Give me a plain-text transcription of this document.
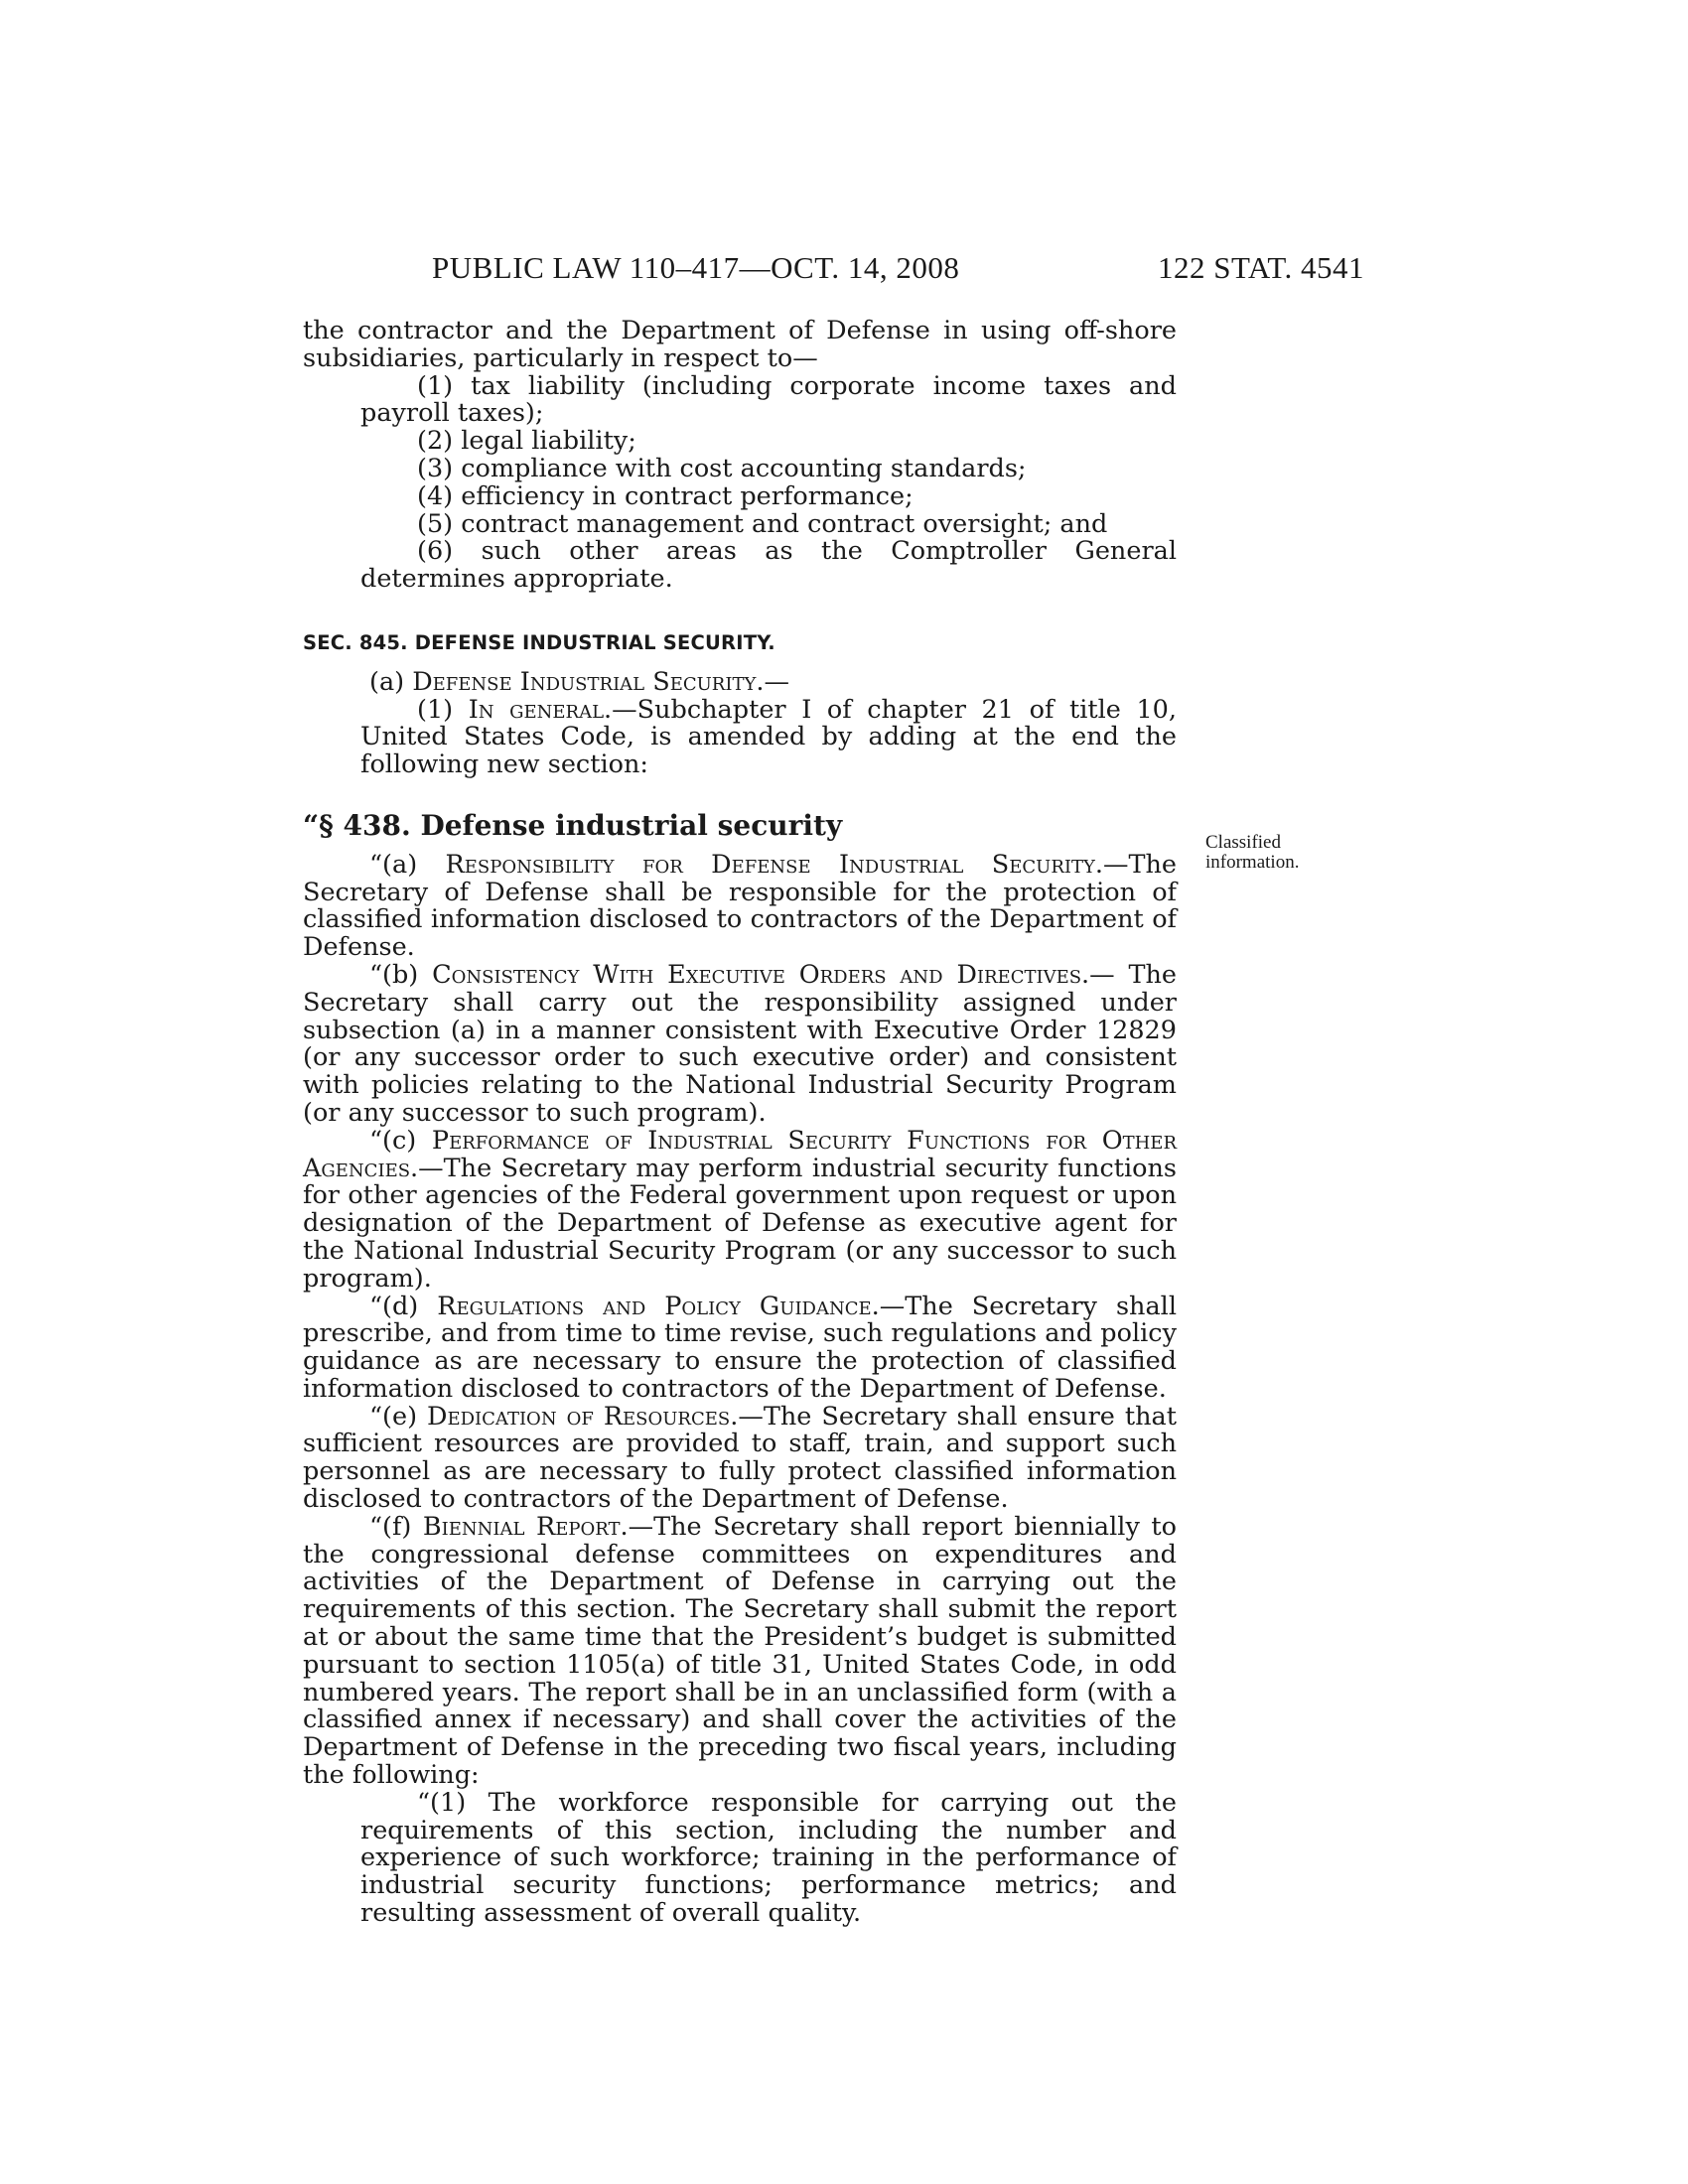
PUBLIC LAW 110–417—OCT. 14, 2008	122 STAT. 4541
Classified
information.

the contractor and the Department of Defense in using off-shore subsidiaries, particularly in respect to—

(1) tax liability (including corporate income taxes and payroll taxes);

(2) legal liability;

(3) compliance with cost accounting standards;

(4) efficiency in contract performance;

(5) contract management and contract oversight; and

(6) such other areas as the Comptroller General determines appropriate.

SEC. 845. DEFENSE INDUSTRIAL SECURITY.

(a) Defense Industrial Security.—

(1) In general.—Subchapter I of chapter 21 of title 10, United States Code, is amended by adding at the end the following new section:

“§ 438. Defense industrial security

“(a) Responsibility for Defense Industrial Security.—The Secretary of Defense shall be responsible for the protection of classified information disclosed to contractors of the Department of Defense.

“(b) Consistency With Executive Orders and Directives.— The Secretary shall carry out the responsibility assigned under subsection (a) in a manner consistent with Executive Order 12829 (or any successor order to such executive order) and consistent with policies relating to the National Industrial Security Program (or any successor to such program).

“(c) Performance of Industrial Security Functions for Other Agencies.—The Secretary may perform industrial security functions for other agencies of the Federal government upon request or upon designation of the Department of Defense as executive agent for the National Industrial Security Program (or any successor to such program).

“(d) Regulations and Policy Guidance.—The Secretary shall prescribe, and from time to time revise, such regulations and policy guidance as are necessary to ensure the protection of classified information disclosed to contractors of the Department of Defense.

“(e) Dedication of Resources.—The Secretary shall ensure that sufficient resources are provided to staff, train, and support such personnel as are necessary to fully protect classified information disclosed to contractors of the Department of Defense.

“(f) Biennial Report.—The Secretary shall report biennially to the congressional defense committees on expenditures and activities of the Department of Defense in carrying out the requirements of this section. The Secretary shall submit the report at or about the same time that the President’s budget is submitted pursuant to section 1105(a) of title 31, United States Code, in odd numbered years. The report shall be in an unclassified form (with a classified annex if necessary) and shall cover the activities of the Department of Defense in the preceding two fiscal years, including the following:

“(1) The workforce responsible for carrying out the requirements of this section, including the number and experience of such workforce; training in the performance of industrial security functions; performance metrics; and resulting assessment of overall quality.
